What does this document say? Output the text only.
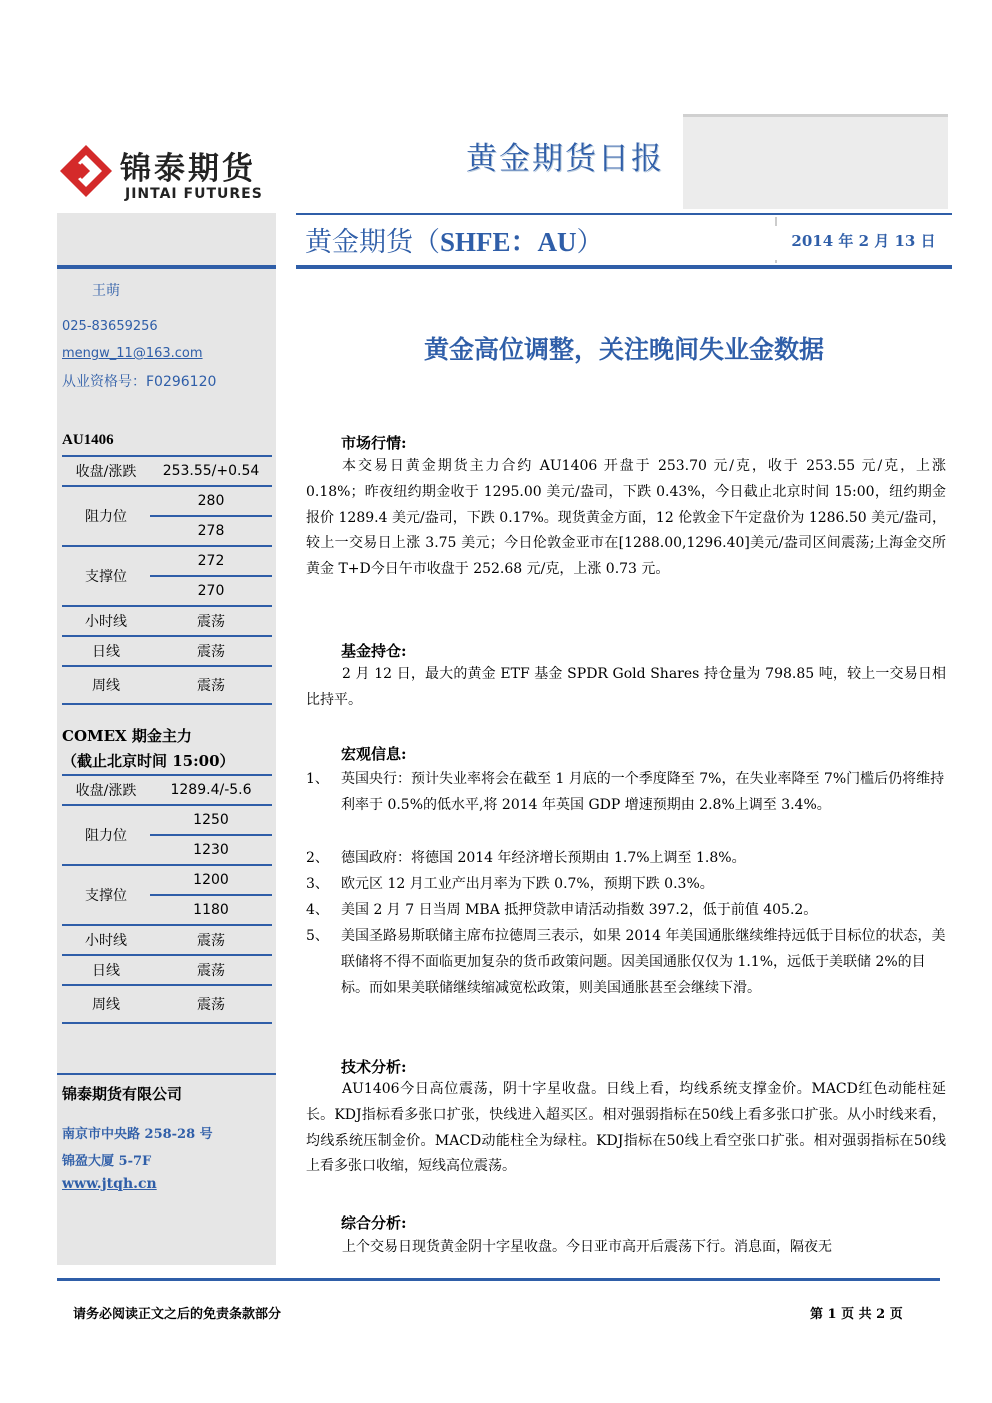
锦泰期货
JINTAI FUTURES
黄金期货日报
黄金期货（SHFE：AU）	2014 年 2 月 13 日
王萌
025-83659256
mengw_11@163.com
从业资格号：F0296120
AU1406
收盘/涨跌	253.55/+0.54
阻力位	280
	278
支撑位	272
	270
小时线	震荡
日线	震荡
周线	震荡
COMEX 期金主力
（截止北京时间 15:00）
收盘/涨跌	1289.4/-5.6
阻力位	1250
	1230
支撑位	1200
	1180
小时线	震荡
日线	震荡
周线	震荡
锦泰期货有限公司
南京市中央路 258-28 号
锦盈大厦 5-7F
www.jtqh.cn
黄金高位调整，关注晚间失业金数据
市场行情:

本交易日黄金期货主力合约 AU1406 开盘于 253.70 元/克，收于 253.55 元/克，上涨 0.18%；昨夜纽约期金收于 1295.00 美元/盎司，下跌 0.43%，今日截止北京时间 15:00，纽约期金报价 1289.4 美元/盎司，下跌 0.17%。现货黄金方面，12 伦敦金下午定盘价为 1286.50 美元/盎司，较上一交易日上涨 3.75 美元；今日伦敦金亚市在[1288.00,1296.40]美元/盎司区间震荡;上海金交所黄金 T+D今日午市收盘于 252.68 元/克，上涨 0.73 元。

基金持仓:

2 月 12 日，最大的黄金 ETF 基金 SPDR Gold Shares 持仓量为 798.85 吨，较上一交易日相比持平。

宏观信息:
1、 英国央行：预计失业率将会在截至 1 月底的一个季度降至 7%，在失业率降至 7%门槛后仍将维持利率于 0.5%的低水平,将 2014 年英国 GDP 增速预期由 2.8%上调至 3.4%。
2、 德国政府：将德国 2014 年经济增长预期由 1.7%上调至 1.8%。
3、 欧元区 12 月工业产出月率为下跌 0.7%，预期下跌 0.3%。
4、 美国 2 月 7 日当周 MBA 抵押贷款申请活动指数 397.2，低于前值 405.2。
5、 美国圣路易斯联储主席布拉德周三表示，如果 2014 年美国通胀继续维持远低于目标位的状态，美联储将不得不面临更加复杂的货币政策问题。因美国通胀仅仅为 1.1%，远低于美联储 2%的目标。而如果美联储继续缩减宽松政策，则美国通胀甚至会继续下滑。
技术分析:

AU1406今日高位震荡，阴十字星收盘。日线上看，均线系统支撑金价。MACD红色动能柱延长。KDJ指标看多张口扩张，快线进入超买区。相对强弱指标在50线上看多张口扩张。从小时线来看，均线系统压制金价。MACD动能柱全为绿柱。KDJ指标在50线上看空张口扩张。相对强弱指标在50线上看多张口收缩，短线高位震荡。

综合分析:

上个交易日现货黄金阴十字星收盘。今日亚市高开后震荡下行。消息面，隔夜无

请务必阅读正文之后的免责条款部分	第 1 页 共 2 页
